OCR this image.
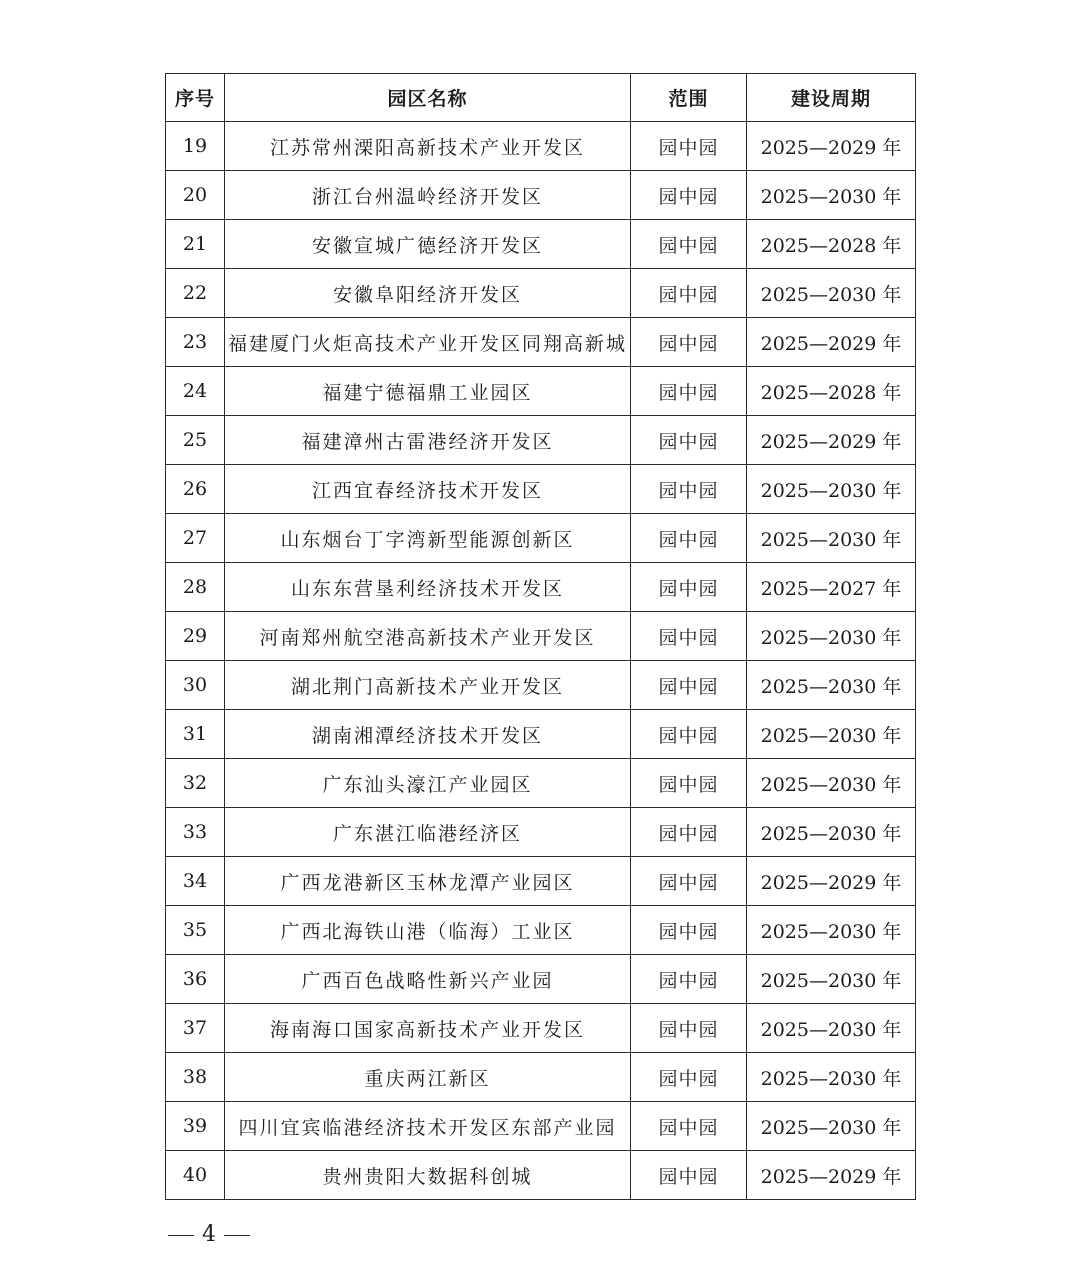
序号	园区名称	范围	建设周期
19	江苏常州溧阳高新技术产业开发区	园中园	2025—2029 年
20	浙江台州温岭经济开发区	园中园	2025—2030 年
21	安徽宣城广德经济开发区	园中园	2025—2028 年
22	安徽阜阳经济开发区	园中园	2025—2030 年
23	福建厦门火炬高技术产业开发区同翔高新城	园中园	2025—2029 年
24	福建宁德福鼎工业园区	园中园	2025—2028 年
25	福建漳州古雷港经济开发区	园中园	2025—2029 年
26	江西宜春经济技术开发区	园中园	2025—2030 年
27	山东烟台丁字湾新型能源创新区	园中园	2025—2030 年
28	山东东营垦利经济技术开发区	园中园	2025—2027 年
29	河南郑州航空港高新技术产业开发区	园中园	2025—2030 年
30	湖北荆门高新技术产业开发区	园中园	2025—2030 年
31	湖南湘潭经济技术开发区	园中园	2025—2030 年
32	广东汕头濠江产业园区	园中园	2025—2030 年
33	广东湛江临港经济区	园中园	2025—2030 年
34	广西龙港新区玉林龙潭产业园区	园中园	2025—2029 年
35	广西北海铁山港（临海）工业区	园中园	2025—2030 年
36	广西百色战略性新兴产业园	园中园	2025—2030 年
37	海南海口国家高新技术产业开发区	园中园	2025—2030 年
38	重庆两江新区	园中园	2025—2030 年
39	四川宜宾临港经济技术开发区东部产业园	园中园	2025—2030 年
40	贵州贵阳大数据科创城	园中园	2025—2029 年
4
